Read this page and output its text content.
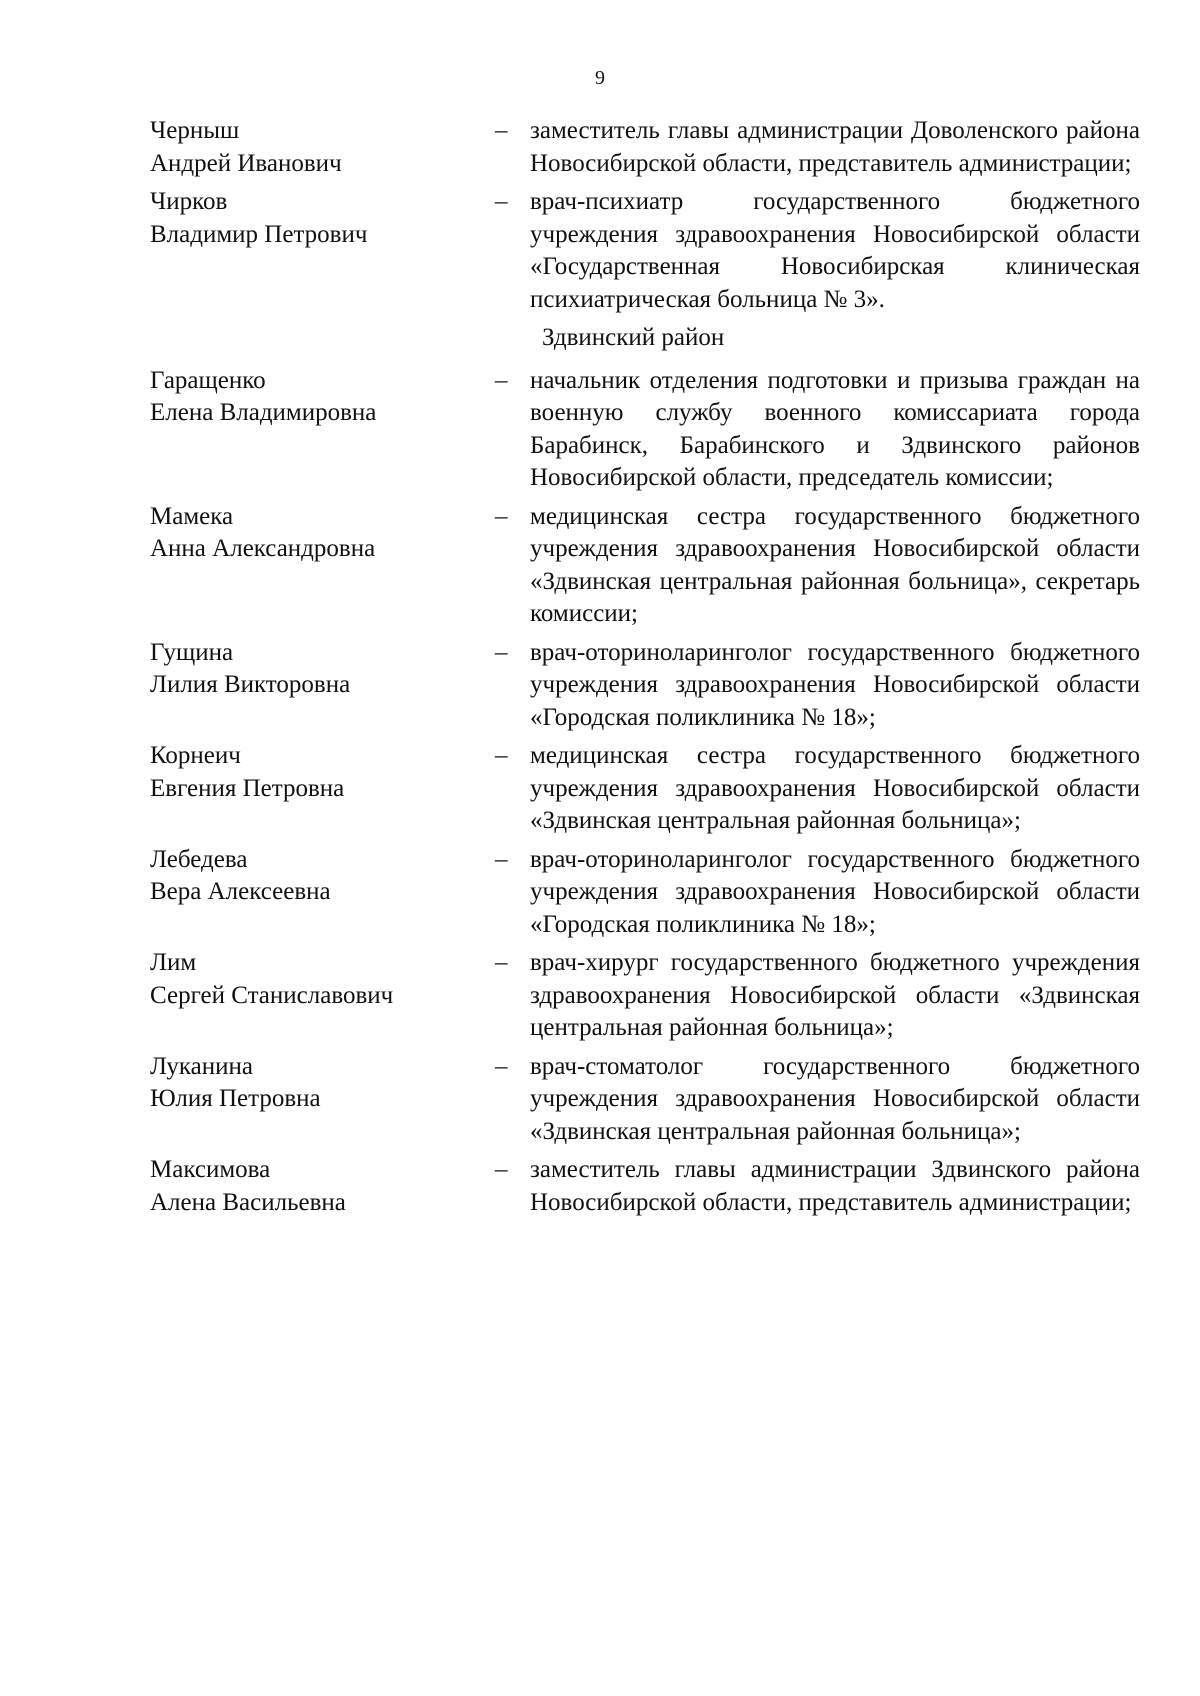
9
Черныш
Андрей Иванович
– заместитель главы администрации Доволенского района Новосибирской области, представитель администрации;
Чирков
Владимир Петрович
– врач-психиатр государственного бюджетного учреждения здравоохранения Новосибирской области «Государственная Новосибирская клиническая психиатрическая больница № 3».
Здвинский район
Гаращенко
Елена Владимировна
– начальник отделения подготовки и призыва граждан на военную службу военного комиссариата города Барабинск, Барабинского и Здвинского районов Новосибирской области, председатель комиссии;
Мамека
Анна Александровна
– медицинская сестра государственного бюджетного учреждения здравоохранения Новосибирской области «Здвинская центральная районная больница», секретарь комиссии;
Гущина
Лилия Викторовна
– врач-оториноларинголог государственного бюджетного учреждения здравоохранения Новосибирской области «Городская поликлиника № 18»;
Корнеич
Евгения Петровна
– медицинская сестра государственного бюджетного учреждения здравоохранения Новосибирской области «Здвинская центральная районная больница»;
Лебедева
Вера Алексеевна
– врач-оториноларинголог государственного бюджетного учреждения здравоохранения Новосибирской области «Городская поликлиника № 18»;
Лим
Сергей Станиславович
– врач-хирург государственного бюджетного учреждения здравоохранения Новосибирской области «Здвинская центральная районная больница»;
Луканина
Юлия Петровна
– врач-стоматолог государственного бюджетного учреждения здравоохранения Новосибирской области «Здвинская центральная районная больница»;
Максимова
Алена Васильевна
– заместитель главы администрации Здвинского района Новосибирской области, представитель администрации;
